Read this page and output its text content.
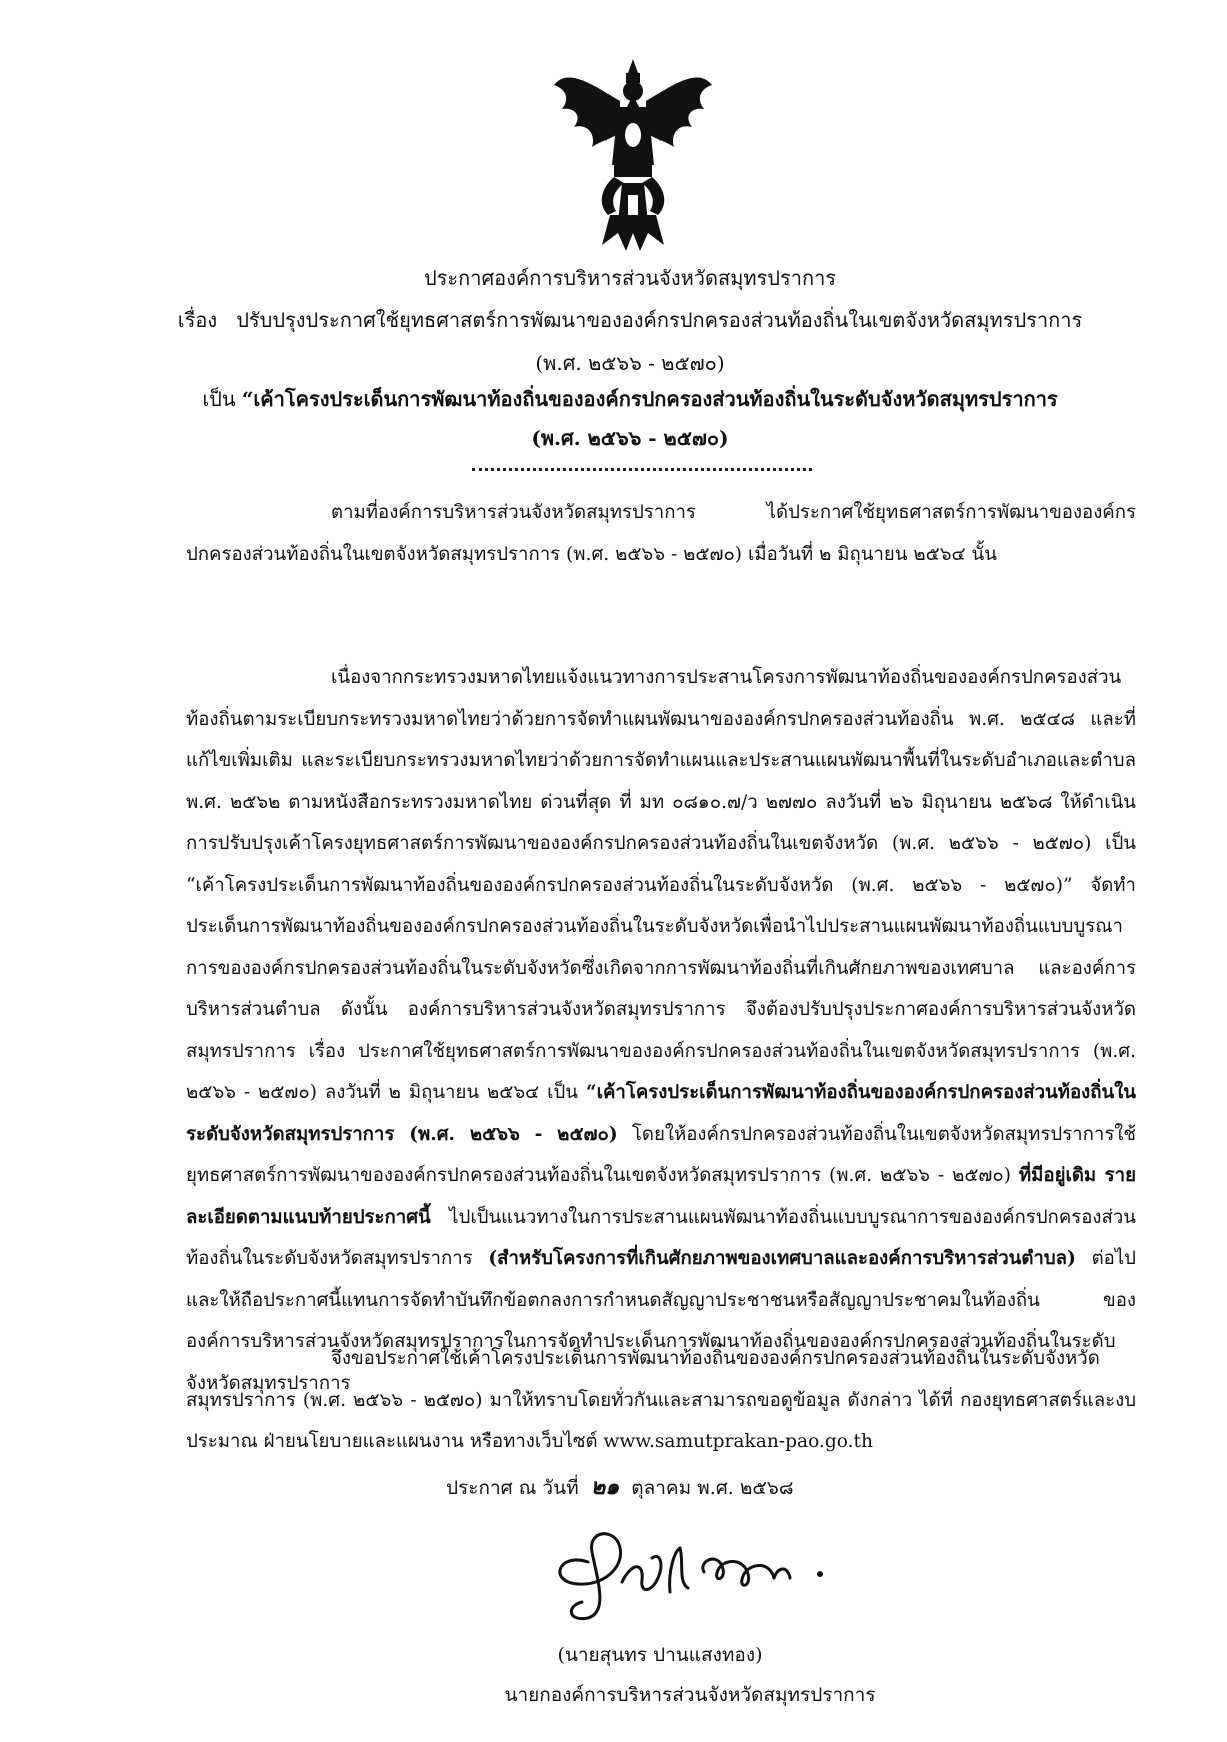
ประกาศองค์การบริหารส่วนจังหวัดสมุทรปราการ
เรื่อง ปรับปรุงประกาศใช้ยุทธศาสตร์การพัฒนาขององค์กรปกครองส่วนท้องถิ่นในเขตจังหวัดสมุทรปราการ
(พ.ศ. ๒๕๖๖ - ๒๕๗๐)
เป็น “เค้าโครงประเด็นการพัฒนาท้องถิ่นขององค์กรปกครองส่วนท้องถิ่นในระดับจังหวัดสมุทรปราการ
(พ.ศ. ๒๕๖๖ - ๒๕๗๐)
ตามที่องค์การบริหารส่วนจังหวัดสมุทรปราการ ได้ประกาศใช้ยุทธศาสตร์การพัฒนาขององค์กรปกครองส่วนท้องถิ่นในเขตจังหวัดสมุทรปราการ (พ.ศ. ๒๕๖๖ - ๒๕๗๐) เมื่อวันที่ ๒ มิถุนายน ๒๕๖๔ นั้น
เนื่องจากกระทรวงมหาดไทยแจ้งแนวทางการประสานโครงการพัฒนาท้องถิ่นขององค์กรปกครองส่วนท้องถิ่นตามระเบียบกระทรวงมหาดไทยว่าด้วยการจัดทำแผนพัฒนาขององค์กรปกครองส่วนท้องถิ่น พ.ศ. ๒๕๔๘ และที่แก้ไขเพิ่มเติม และระเบียบกระทรวงมหาดไทยว่าด้วยการจัดทำแผนและประสานแผนพัฒนาพื้นที่ในระดับอำเภอและตำบล พ.ศ. ๒๕๖๒ ตามหนังสือกระทรวงมหาดไทย ด่วนที่สุด ที่ มท ๐๘๑๐.๗/ว ๒๗๗๐ ลงวันที่ ๒๖ มิถุนายน ๒๕๖๘ ให้ดำเนินการปรับปรุงเค้าโครงยุทธศาสตร์การพัฒนาขององค์กรปกครองส่วนท้องถิ่นในเขตจังหวัด (พ.ศ. ๒๕๖๖ - ๒๕๗๐) เป็น “เค้าโครงประเด็นการพัฒนาท้องถิ่นขององค์กรปกครองส่วนท้องถิ่นในระดับจังหวัด (พ.ศ. ๒๕๖๖ - ๒๕๗๐)” จัดทำประเด็นการพัฒนาท้องถิ่นขององค์กรปกครองส่วนท้องถิ่นในระดับจังหวัดเพื่อนำไปประสานแผนพัฒนาท้องถิ่นแบบบูรณาการขององค์กรปกครองส่วนท้องถิ่นในระดับจังหวัดซึ่งเกิดจากการพัฒนาท้องถิ่นที่เกินศักยภาพของเทศบาล และองค์การบริหารส่วนตำบล ดังนั้น องค์การบริหารส่วนจังหวัดสมุทรปราการ จึงต้องปรับปรุงประกาศองค์การบริหารส่วนจังหวัดสมุทรปราการ เรื่อง ประกาศใช้ยุทธศาสตร์การพัฒนาขององค์กรปกครองส่วนท้องถิ่นในเขตจังหวัดสมุทรปราการ (พ.ศ. ๒๕๖๖ - ๒๕๗๐) ลงวันที่ ๒ มิถุนายน ๒๕๖๔ เป็น “เค้าโครงประเด็นการพัฒนาท้องถิ่นขององค์กรปกครองส่วนท้องถิ่นในระดับจังหวัดสมุทรปราการ (พ.ศ. ๒๕๖๖ - ๒๕๗๐) โดยให้องค์กรปกครองส่วนท้องถิ่นในเขตจังหวัดสมุทรปราการใช้ยุทธศาสตร์การพัฒนาขององค์กรปกครองส่วนท้องถิ่นในเขตจังหวัดสมุทรปราการ (พ.ศ. ๒๕๖๖ - ๒๕๗๐) ที่มีอยู่เดิม รายละเอียดตามแนบท้ายประกาศนี้ ไปเป็นแนวทางในการประสานแผนพัฒนาท้องถิ่นแบบบูรณาการขององค์กรปกครองส่วนท้องถิ่นในระดับจังหวัดสมุทรปราการ (สำหรับโครงการที่เกินศักยภาพของเทศบาลและองค์การบริหารส่วนตำบล) ต่อไป และให้ถือประกาศนี้แทนการจัดทำบันทึกข้อตกลงการกำหนดสัญญาประชาชนหรือสัญญาประชาคมในท้องถิ่น ขององค์การบริหารส่วนจังหวัดสมุทรปราการในการจัดทำประเด็นการพัฒนาท้องถิ่นขององค์กรปกครองส่วนท้องถิ่นในระดับจังหวัดสมุทรปราการ
จึงขอประกาศใช้เค้าโครงประเด็นการพัฒนาท้องถิ่นขององค์กรปกครองส่วนท้องถิ่นในระดับจังหวัดสมุทรปราการ (พ.ศ. ๒๕๖๖ - ๒๕๗๐) มาให้ทราบโดยทั่วกันและสามารถขอดูข้อมูล ดังกล่าว ได้ที่ กองยุทธศาสตร์และงบประมาณ ฝ่ายนโยบายและแผนงาน หรือทางเว็บไซต์ www.samutprakan-pao.go.th
ประกาศ ณ วันที่ ๒๑ ตุลาคม พ.ศ. ๒๕๖๘
(นายสุนทร ปานแสงทอง)
นายกองค์การบริหารส่วนจังหวัดสมุทรปราการ
